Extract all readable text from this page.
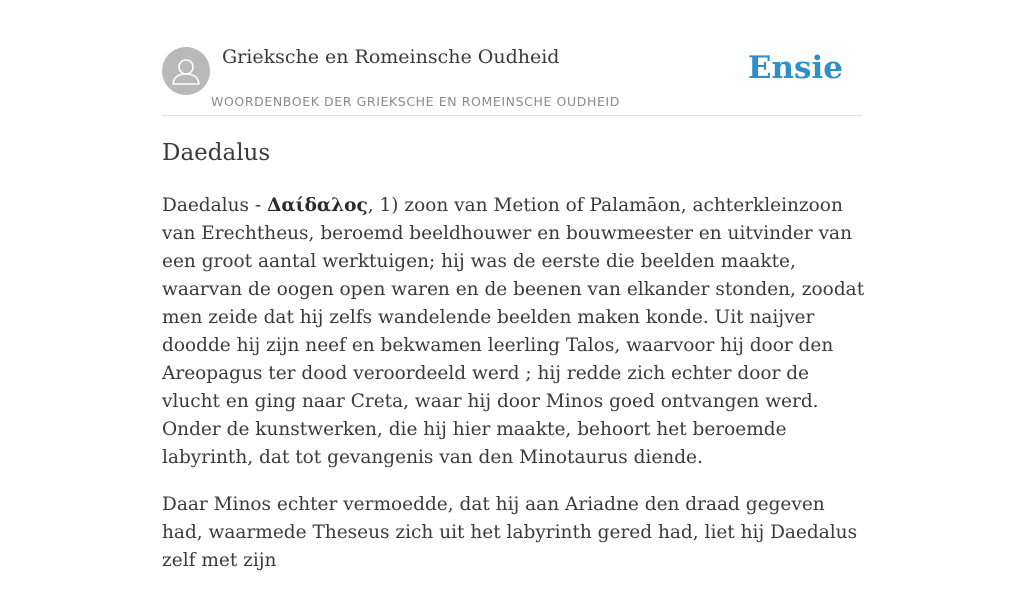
Grieksche en Romeinsche Oudheid
WOORDENBOEK DER GRIEKSCHE EN ROMEINSCHE OUDHEID
Ensie
Daedalus

Daedalus - Δαίδαλος, 1) zoon van Metion of Palamāon, achterkleinzoon van Erechtheus, beroemd beeldhouwer en bouwmeester en uitvinder van een groot aantal werktuigen; hij was de eerste die beelden maakte, waarvan de oogen open waren en de beenen van elkander stonden, zoodat men zeide dat hij zelfs wandelende beelden maken konde. Uit naijver doodde hij zijn neef en bekwamen leerling Talos, waarvoor hij door den Areopagus ter dood veroordeeld werd ; hij redde zich echter door de vlucht en ging naar Creta, waar hij door Minos goed ontvangen werd. Onder de kunstwerken, die hij hier maakte, behoort het beroemde labyrinth, dat tot gevangenis van den Minotaurus diende.

Daar Minos echter vermoedde, dat hij aan Ariadne den draad gegeven had, waarmede Theseus zich uit het labyrinth gered had, liet hij Daedalus zelf met zijn
